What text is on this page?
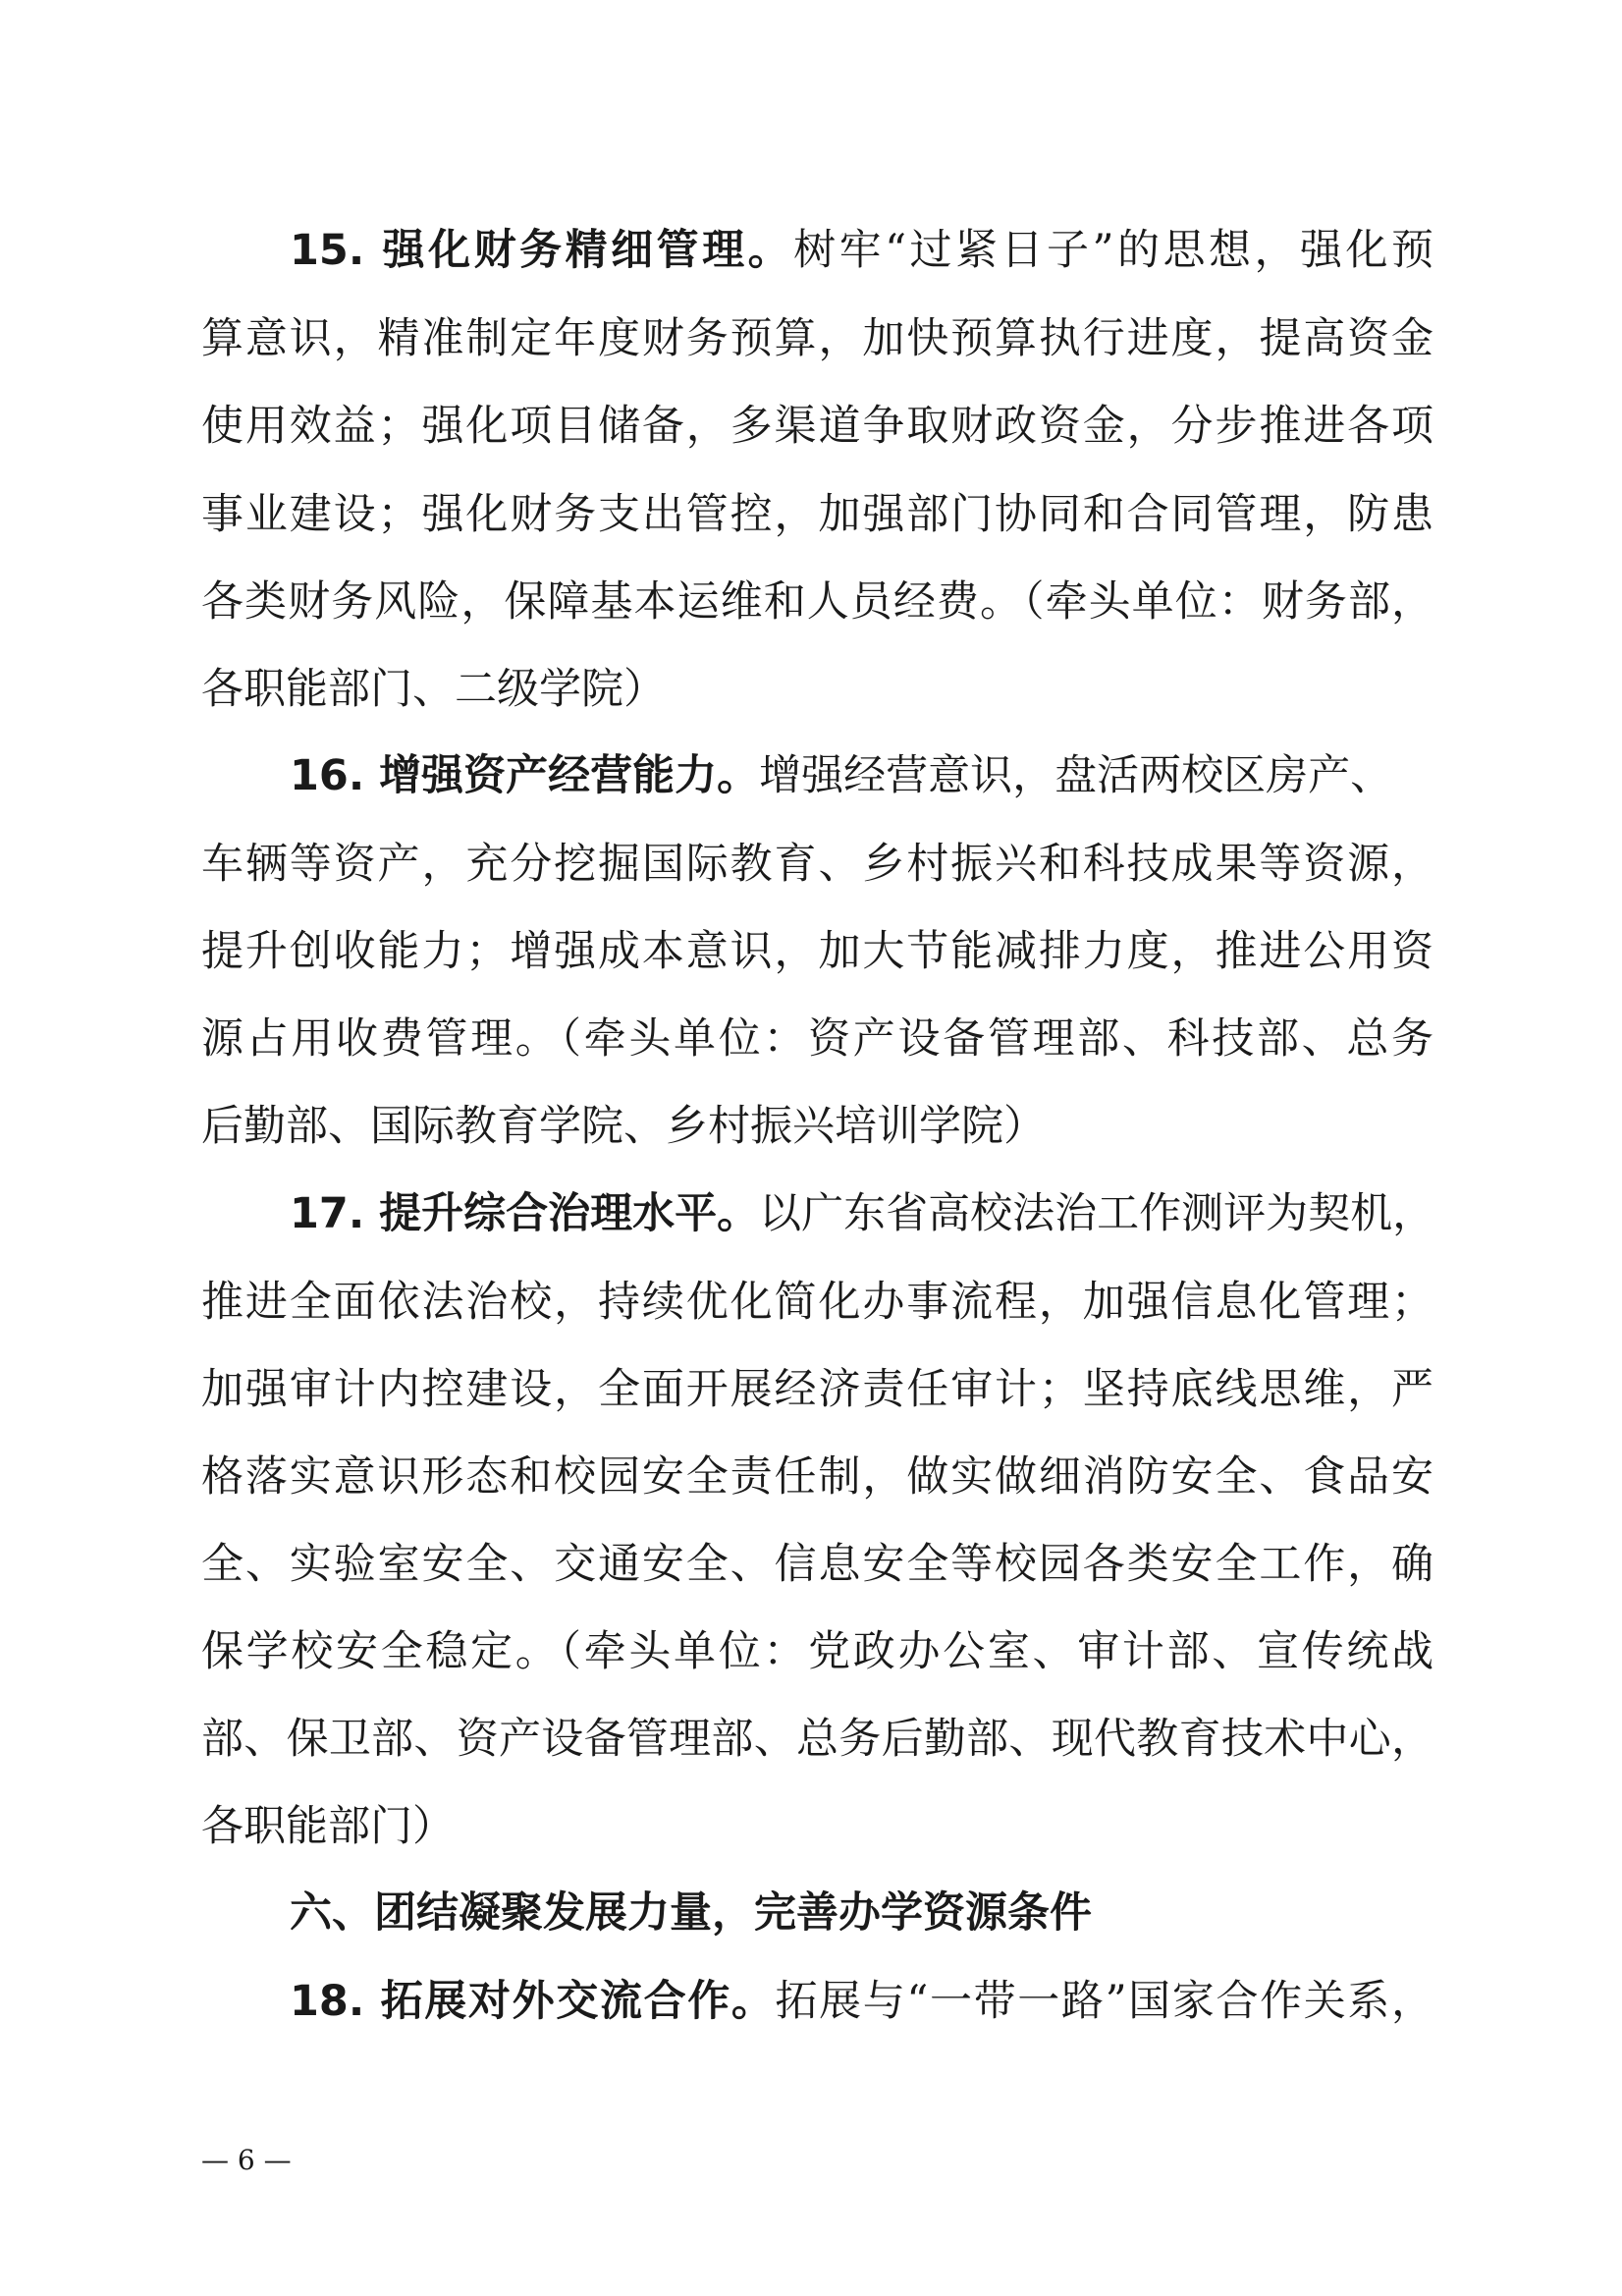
15. 强化财务精细管理。树牢“过紧日子”的思想，强化预
算意识，精准制定年度财务预算，加快预算执行进度，提高资金
使用效益；强化项目储备，多渠道争取财政资金，分步推进各项
事业建设；强化财务支出管控，加强部门协同和合同管理，防患
各类财务风险，保障基本运维和人员经费。（牵头单位：财务部，
各职能部门、二级学院）
16. 增强资产经营能力。增强经营意识，盘活两校区房产、
车辆等资产，充分挖掘国际教育、乡村振兴和科技成果等资源，
提升创收能力；增强成本意识，加大节能减排力度，推进公用资
源占用收费管理。（牵头单位：资产设备管理部、科技部、总务
后勤部、国际教育学院、乡村振兴培训学院）
17. 提升综合治理水平。以广东省高校法治工作测评为契机，
推进全面依法治校，持续优化简化办事流程，加强信息化管理；
加强审计内控建设，全面开展经济责任审计；坚持底线思维，严
格落实意识形态和校园安全责任制，做实做细消防安全、食品安
全、实验室安全、交通安全、信息安全等校园各类安全工作，确
保学校安全稳定。（牵头单位：党政办公室、审计部、宣传统战
部、保卫部、资产设备管理部、总务后勤部、现代教育技术中心，
各职能部门）
六、团结凝聚发展力量，完善办学资源条件
18. 拓展对外交流合作。拓展与“一带一路”国家合作关系，
— 6 —
